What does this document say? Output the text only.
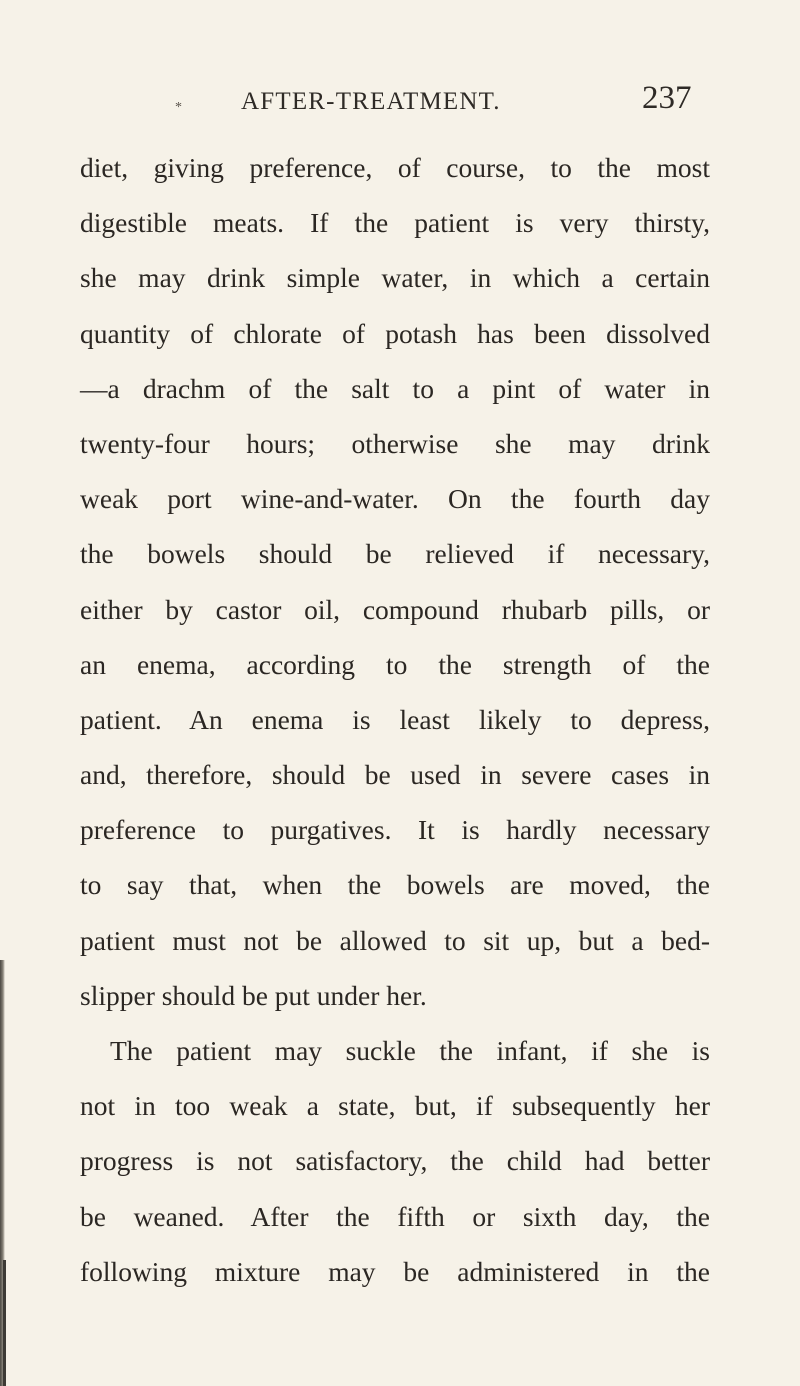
AFTER-TREATMENT.	237
*
diet, giving preference, of course, to the most
digestible meats. If the patient is very thirsty,
she may drink simple water, in which a certain
quantity of chlorate of potash has been dissolved
—a drachm of the salt to a pint of water in
twenty-four hours; otherwise she may drink
weak port wine-and-water. On the fourth day
the bowels should be relieved if necessary,
either by castor oil, compound rhubarb pills, or
an enema, according to the strength of the
patient. An enema is least likely to depress,
and, therefore, should be used in severe cases in
preference to purgatives. It is hardly necessary
to say that, when the bowels are moved, the
patient must not be allowed to sit up, but a bed-
slipper should be put under her.
The patient may suckle the infant, if she is
not in too weak a state, but, if subsequently her
progress is not satisfactory, the child had better
be weaned. After the fifth or sixth day, the
following mixture may be administered in the
